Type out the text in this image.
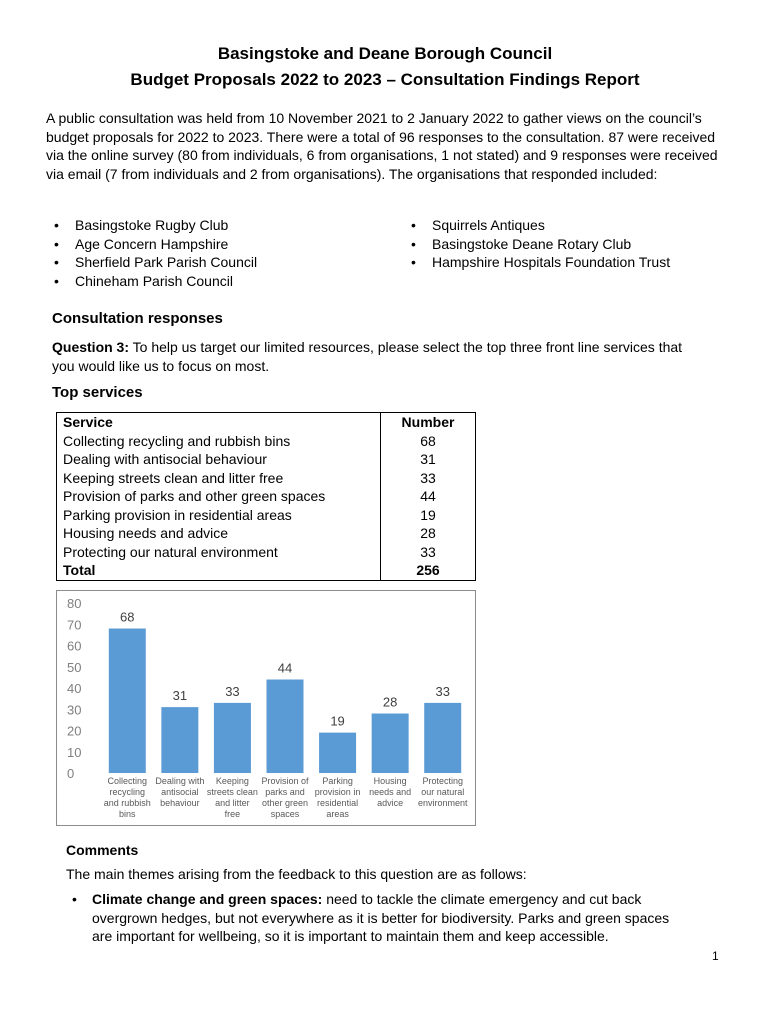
Basingstoke and Deane Borough Council
Budget Proposals 2022 to 2023 – Consultation Findings Report

A public consultation was held from 10 November 2021 to 2 January 2022 to gather views on the council’s budget proposals for 2022 to 2023. There were a total of 96 responses to the consultation. 87 were received via the online survey (80 from individuals, 6 from organisations, 1 not stated) and 9 responses were received via email (7 from individuals and 2 from organisations). The organisations that responded included:

• Basingstoke Rugby Club
• Age Concern Hampshire
• Sherfield Park Parish Council
• Chineham Parish Council
• Squirrels Antiques
• Basingstoke Deane Rotary Club
• Hampshire Hospitals Foundation Trust
Consultation responses

Question 3: To help us target our limited resources, please select the top three front line services that you would like us to focus on most.

Top services
Service	Number
Collecting recycling and rubbish bins	68
Dealing with antisocial behaviour	31
Keeping streets clean and litter free	33
Provision of parks and other green spaces	44
Parking provision in residential areas	19
Housing needs and advice	28
Protecting our natural environment	33
Total	256
0
10
20
30
40
50
60
70
80
68
Collecting recycling and rubbish bins
31
Dealing with antisocial behaviour
33
Keeping streets clean and litter free
44
Provision of parks and other green spaces
19
Parking provision in residential areas
28
Housing needs and advice
33
Protecting our natural environment
Comments
The main themes arising from the feedback to this question are as follows:
• Climate change and green spaces: need to tackle the climate emergency and cut back overgrown hedges, but not everywhere as it is better for biodiversity. Parks and green spaces are important for wellbeing, so it is important to maintain them and keep accessible.
1
